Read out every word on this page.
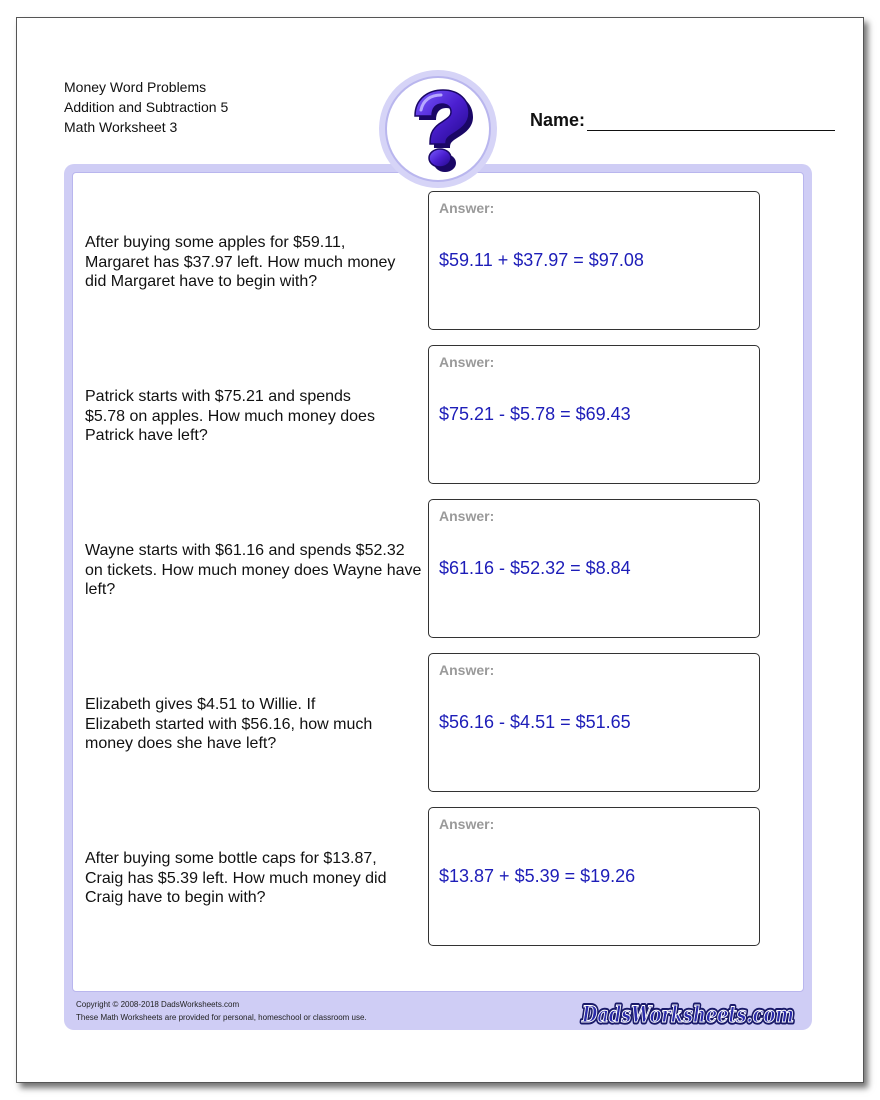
Money Word Problems
Addition and Subtraction 5
Math Worksheet 3	Name:
After buying some apples for $59.11,
Margaret has $37.97 left. How much money
did Margaret have to begin with?
Answer:
$59.11 + $37.97 = $97.08
Patrick starts with $75.21 and spends
$5.78 on apples. How much money does
Patrick have left?
Answer:
$75.21 - $5.78 = $69.43
Wayne starts with $61.16 and spends $52.32
on tickets. How much money does Wayne have
left?
Answer:
$61.16 - $52.32 = $8.84
Elizabeth gives $4.51 to Willie. If
Elizabeth started with $56.16, how much
money does she have left?
Answer:
$56.16 - $4.51 = $51.65
After buying some bottle caps for $13.87,
Craig has $5.39 left. How much money did
Craig have to begin with?
Answer:
$13.87 + $5.39 = $19.26
Copyright © 2008-2018 DadsWorksheets.com
These Math Worksheets are provided for personal, homeschool or classroom use.	DadsWorksheets.com
DadsWorksheets.com
